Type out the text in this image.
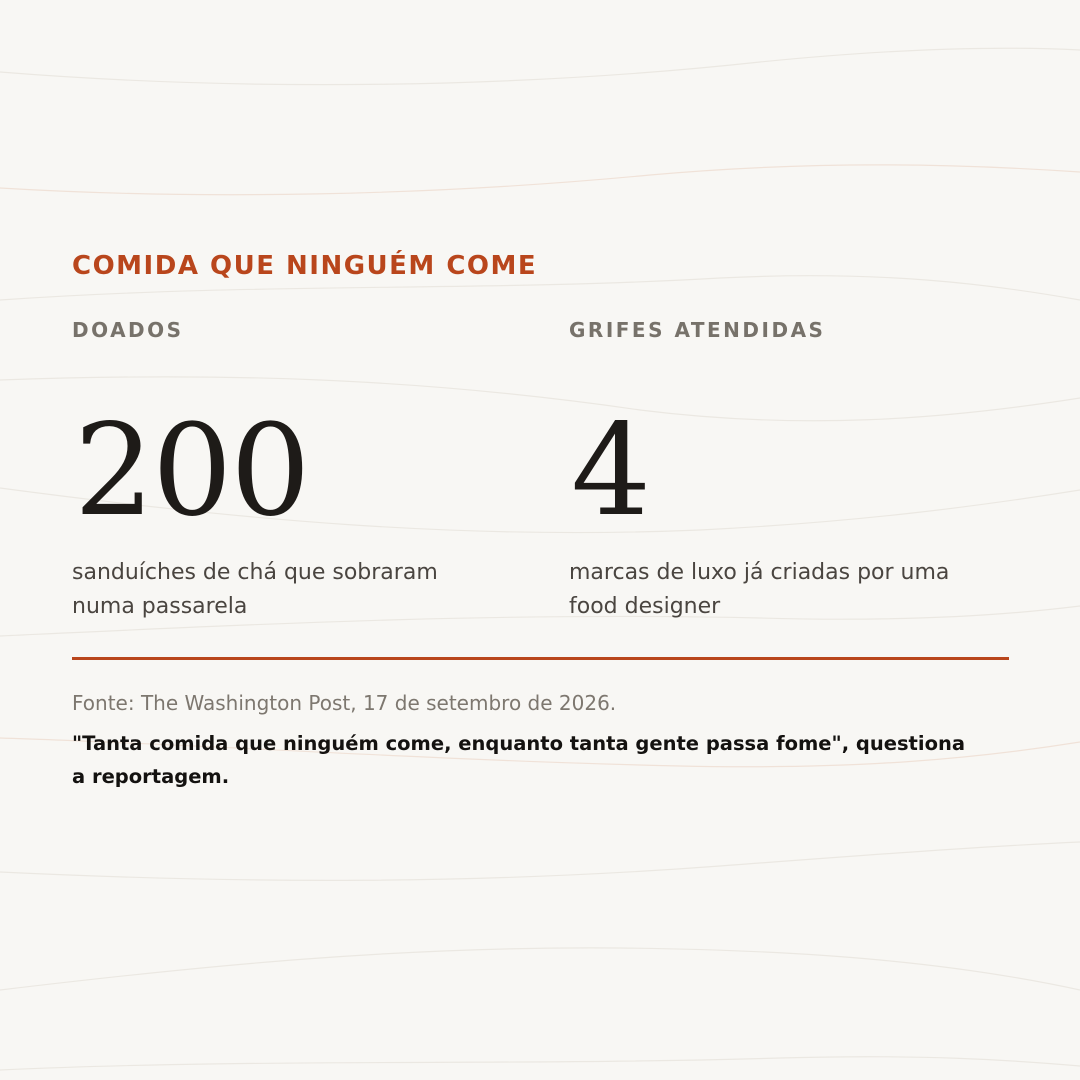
COMIDA QUE NINGUÉM COME
DOADOS
200
sanduíches de chá que sobraram numa passarela
GRIFES ATENDIDAS
4
marcas de luxo já criadas por uma food designer
Fonte: The Washington Post, 17 de setembro de 2026.
"Tanta comida que ninguém come, enquanto tanta gente passa fome", questiona a reportagem.
